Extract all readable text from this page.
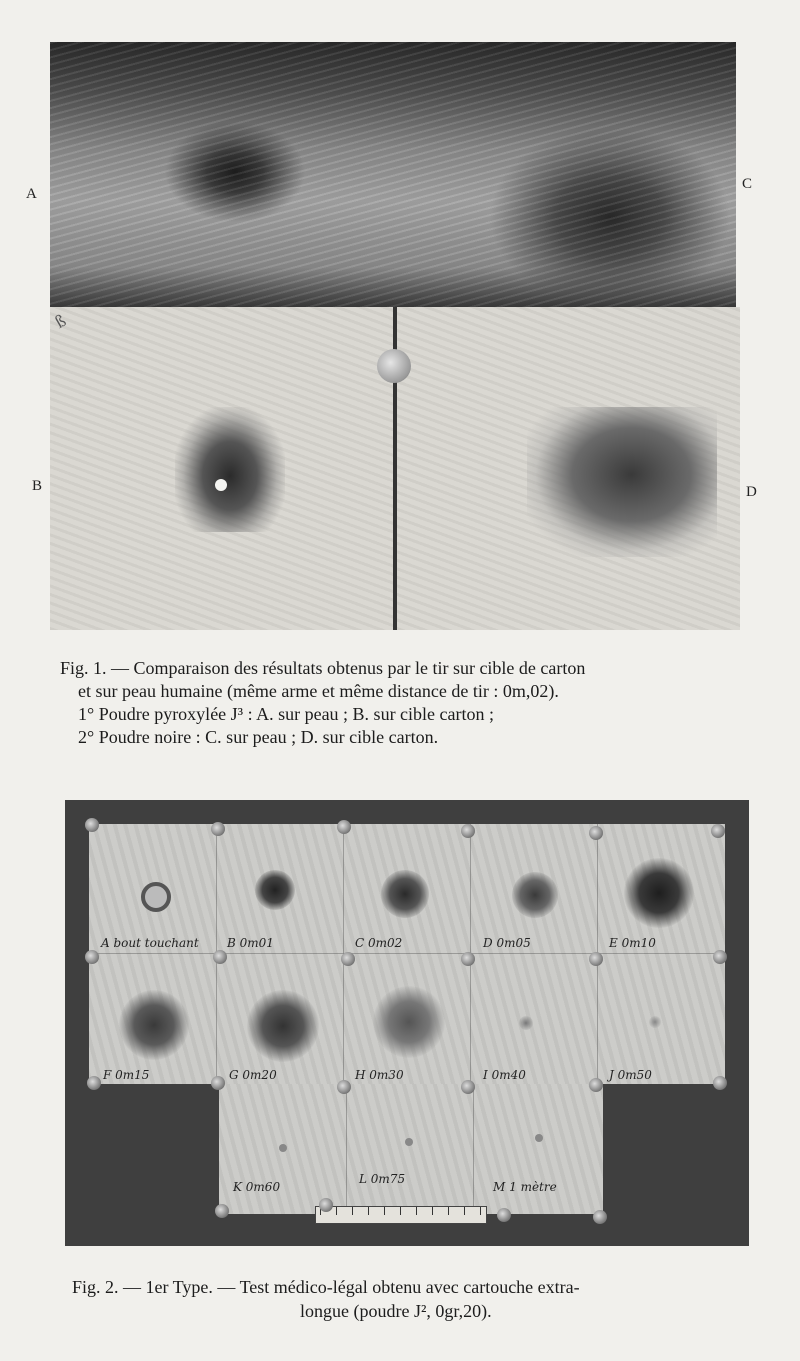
ß
A
C
B	D
Fig. 1. — Comparaison des résultats obtenus par le tir sur cible de carton
et sur peau humaine (même arme et même distance de tir : 0m,02).
1° Poudre pyroxylée J³ : A. sur peau ; B. sur cible carton ;
2° Poudre noire : C. sur peau ; D. sur cible carton.
A bout touchant B 0m01	C 0m02	D 0m05	E 0m10
F 0m15	G 0m20	H 0m30	I 0m40	J 0m50
K 0m60
L 0m75
M 1 mètre
Fig. 2. — 1er Type. — Test médico-légal obtenu avec cartouche extra-
longue (poudre J², 0gr,20).
